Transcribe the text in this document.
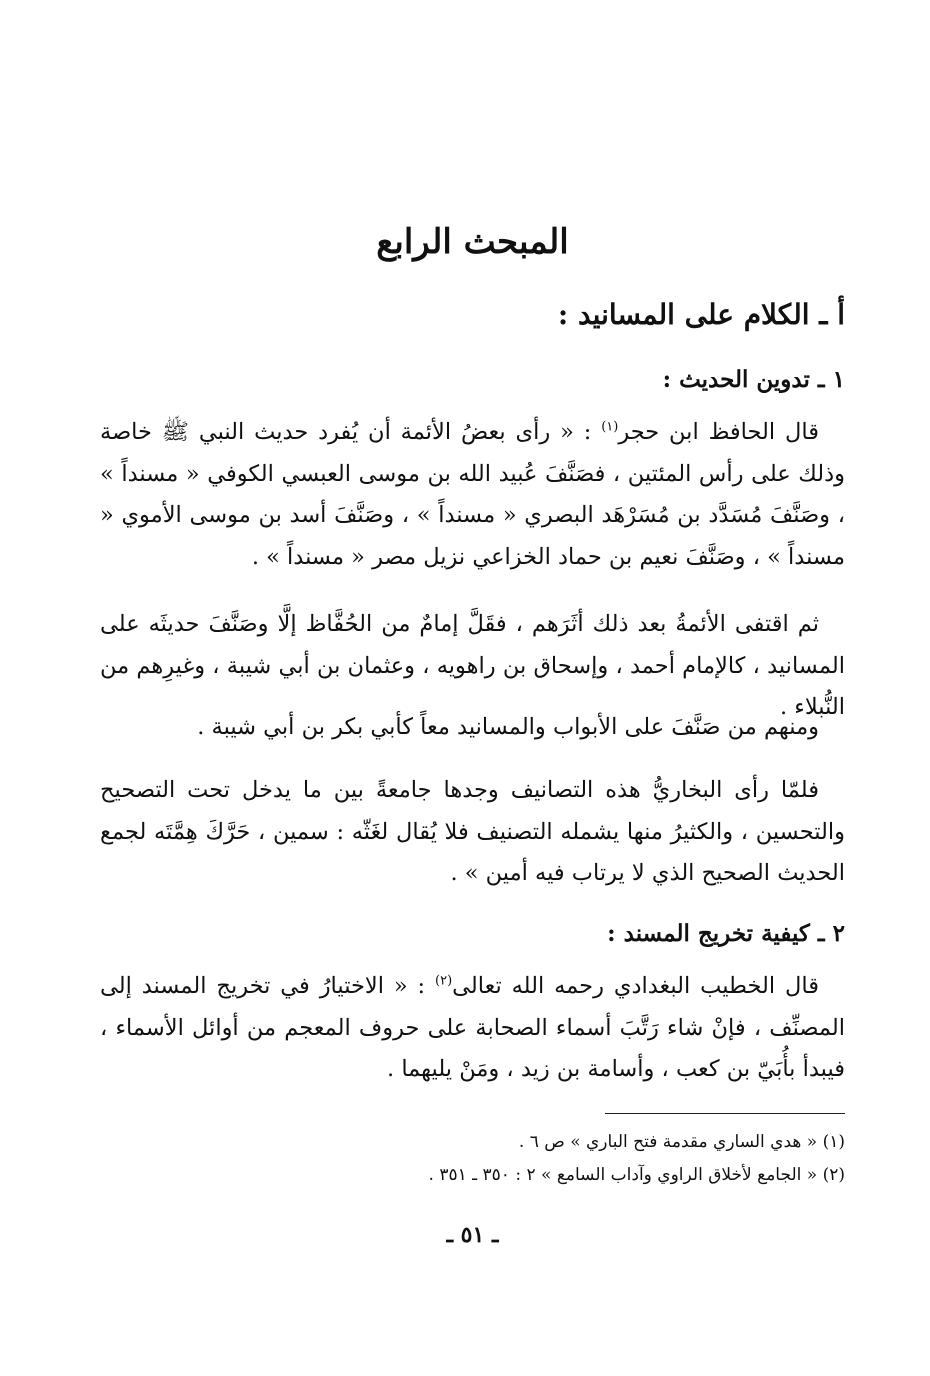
المبحث الرابع
أ ـ الكلام على المسانيد :
١ ـ تدوين الحديث :

قال الحافظ ابن حجر$^{(١)}$ : « رأى بعضُ الأئمة أن يُفرد حديث النبي ﷺ خاصة وذلك على رأس المئتين ، فصَنَّفَ عُبيد الله بن موسى العبسي الكوفي « مسنداً » ، وصَنَّفَ مُسَدَّد بن مُسَرْهَد البصري « مسنداً » ، وصَنَّفَ أسد بن موسى الأموي « مسنداً » ، وصَنَّفَ نعيم بن حماد الخزاعي نزيل مصر « مسنداً » .

ثم اقتفى الأئمةُ بعد ذلك أثَرَهم ، فقَلَّ إمامٌ من الحُفَّاظ إلَّا وصَنَّفَ حديثَه على المسانيد ، كالإمام أحمد ، وإسحاق بن راهويه ، وعثمان بن أبي شيبة ، وغيرِهم من النُّبلاء .

ومنهم من صَنَّفَ على الأبواب والمسانيد معاً كأبي بكر بن أبي شيبة .

فلمّا رأى البخاريُّ هذه التصانيف وجدها جامعةً بين ما يدخل تحت التصحيح والتحسين ، والكثيرُ منها يشمله التصنيف فلا يُقال لغَثّه : سمين ، حَرَّكَ هِمَّتَه لجمع الحديث الصحيح الذي لا يرتاب فيه أمين » .

٢ ـ كيفية تخريج المسند :

قال الخطيب البغدادي رحمه الله تعالى$^{(٢)}$ : « الاختيارُ في تخريج المسند إلى المصنِّف ، فإنْ شاء رَتَّبَ أسماء الصحابة على حروف المعجم من أوائل الأسماء ، فيبدأ بأُبَيّ بن كعب ، وأسامة بن زيد ، ومَنْ يليهما .

(١) « هدي الساري مقدمة فتح الباري » ص ٦ .
(٢) « الجامع لأخلاق الراوي وآداب السامع » ٢ : ٣٥٠ ـ ٣٥١ .
ـ ٥١ ـ
